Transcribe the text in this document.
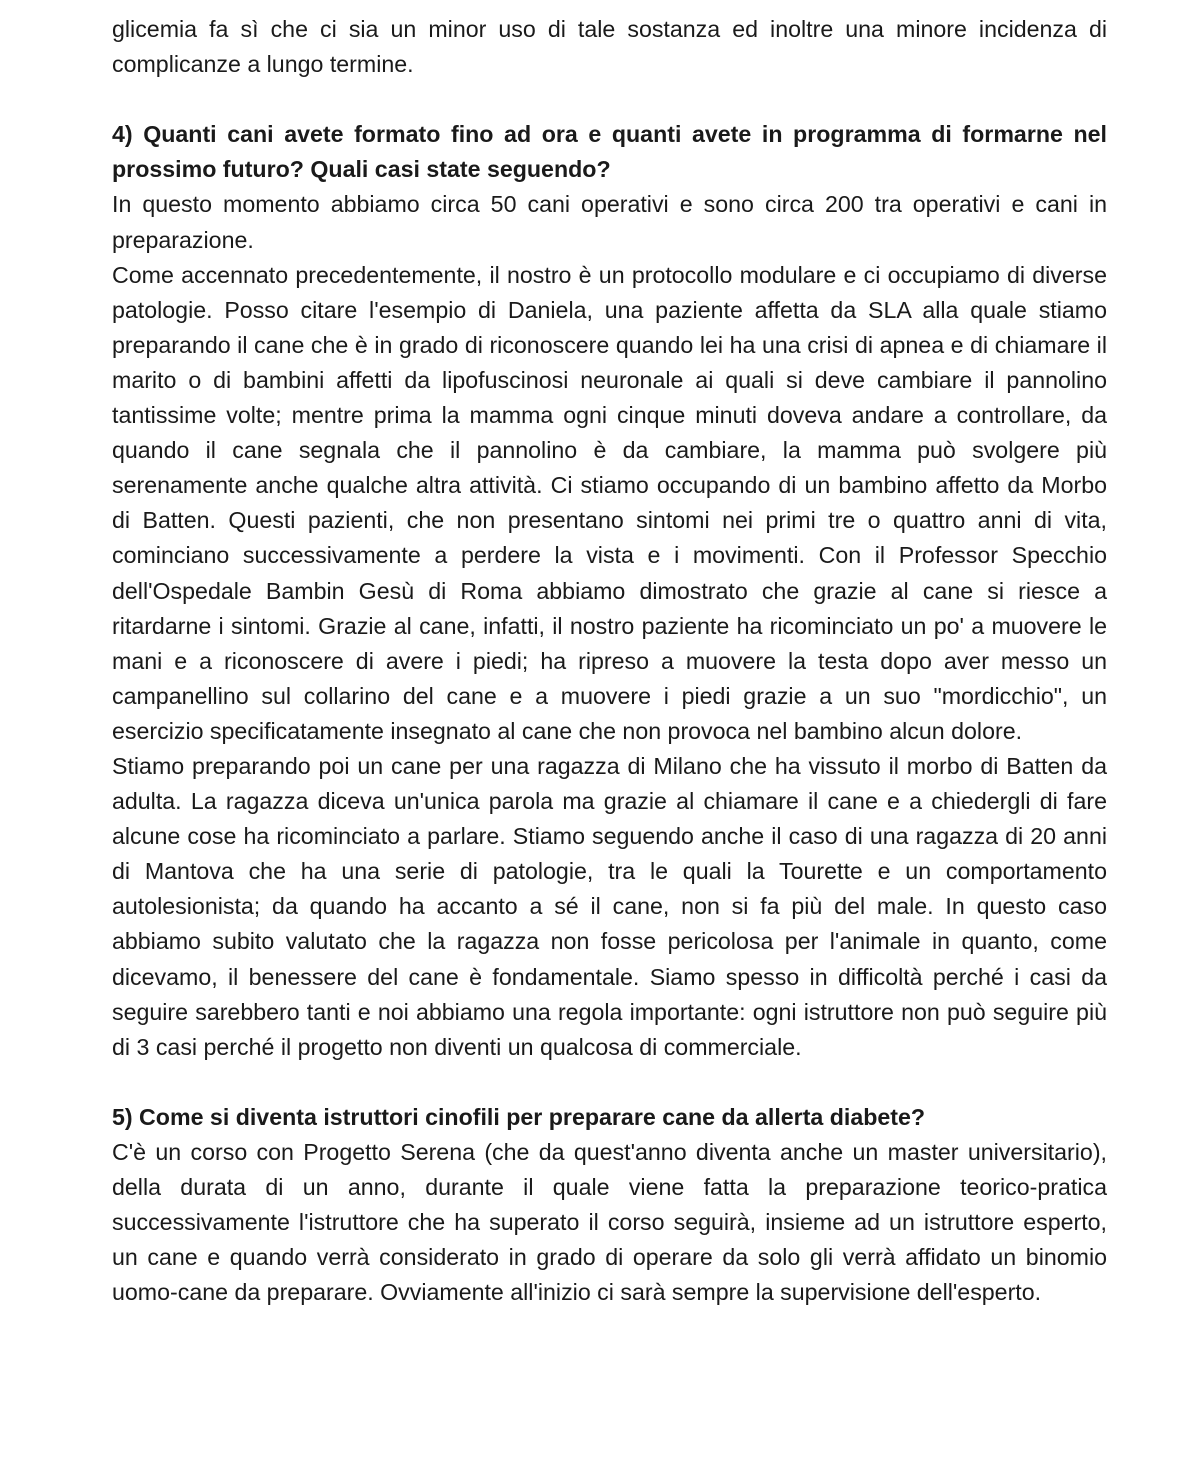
glicemia fa sì che ci sia un minor uso di tale sostanza ed inoltre una minore incidenza di complicanze a lungo termine.

4) Quanti cani avete formato fino ad ora e quanti avete in programma di formarne nel prossimo futuro? Quali casi state seguendo?

In questo momento abbiamo circa 50 cani operativi e sono circa 200 tra operativi e cani in preparazione.

Come accennato precedentemente, il nostro è un protocollo modulare e ci occupiamo di diverse patologie. Posso citare l'esempio di Daniela, una paziente affetta da SLA alla quale stiamo preparando il cane che è in grado di riconoscere quando lei ha una crisi di apnea e di chiamare il marito o di bambini affetti da lipofuscinosi neuronale ai quali si deve cambiare il pannolino tantissime volte; mentre prima la mamma ogni cinque minuti doveva andare a controllare, da quando il cane segnala che il pannolino è da cambiare, la mamma può svolgere più serenamente anche qualche altra attività. Ci stiamo occupando di un bambino affetto da Morbo di Batten. Questi pazienti, che non presentano sintomi nei primi tre o quattro anni di vita, cominciano successivamente a perdere la vista e i movimenti. Con il Professor Specchio dell'Ospedale Bambin Gesù di Roma abbiamo dimostrato che grazie al cane si riesce a ritardarne i sintomi. Grazie al cane, infatti, il nostro paziente ha ricominciato un po' a muovere le mani e a riconoscere di avere i piedi; ha ripreso a muovere la testa dopo aver messo un campanellino sul collarino del cane e a muovere i piedi grazie a un suo "mordicchio", un esercizio specificatamente insegnato al cane che non provoca nel bambino alcun dolore.

Stiamo preparando poi un cane per una ragazza di Milano che ha vissuto il morbo di Batten da adulta. La ragazza diceva un'unica parola ma grazie al chiamare il cane e a chiedergli di fare alcune cose ha ricominciato a parlare. Stiamo seguendo anche il caso di una ragazza di 20 anni di Mantova che ha una serie di patologie, tra le quali la Tourette e un comportamento autolesionista; da quando ha accanto a sé il cane, non si fa più del male. In questo caso abbiamo subito valutato che la ragazza non fosse pericolosa per l'animale in quanto, come dicevamo, il benessere del cane è fondamentale. Siamo spesso in difficoltà perché i casi da seguire sarebbero tanti e noi abbiamo una regola importante: ogni istruttore non può seguire più di 3 casi perché il progetto non diventi un qualcosa di commerciale.

5) Come si diventa istruttori cinofili per preparare cane da allerta diabete?

C'è un corso con Progetto Serena (che da quest'anno diventa anche un master universitario), della durata di un anno, durante il quale viene fatta la preparazione teorico-pratica successivamente l'istruttore che ha superato il corso seguirà, insieme ad un istruttore esperto, un cane e quando verrà considerato in grado di operare da solo gli verrà affidato un binomio uomo-cane da preparare. Ovviamente all'inizio ci sarà sempre la supervisione dell'esperto.
